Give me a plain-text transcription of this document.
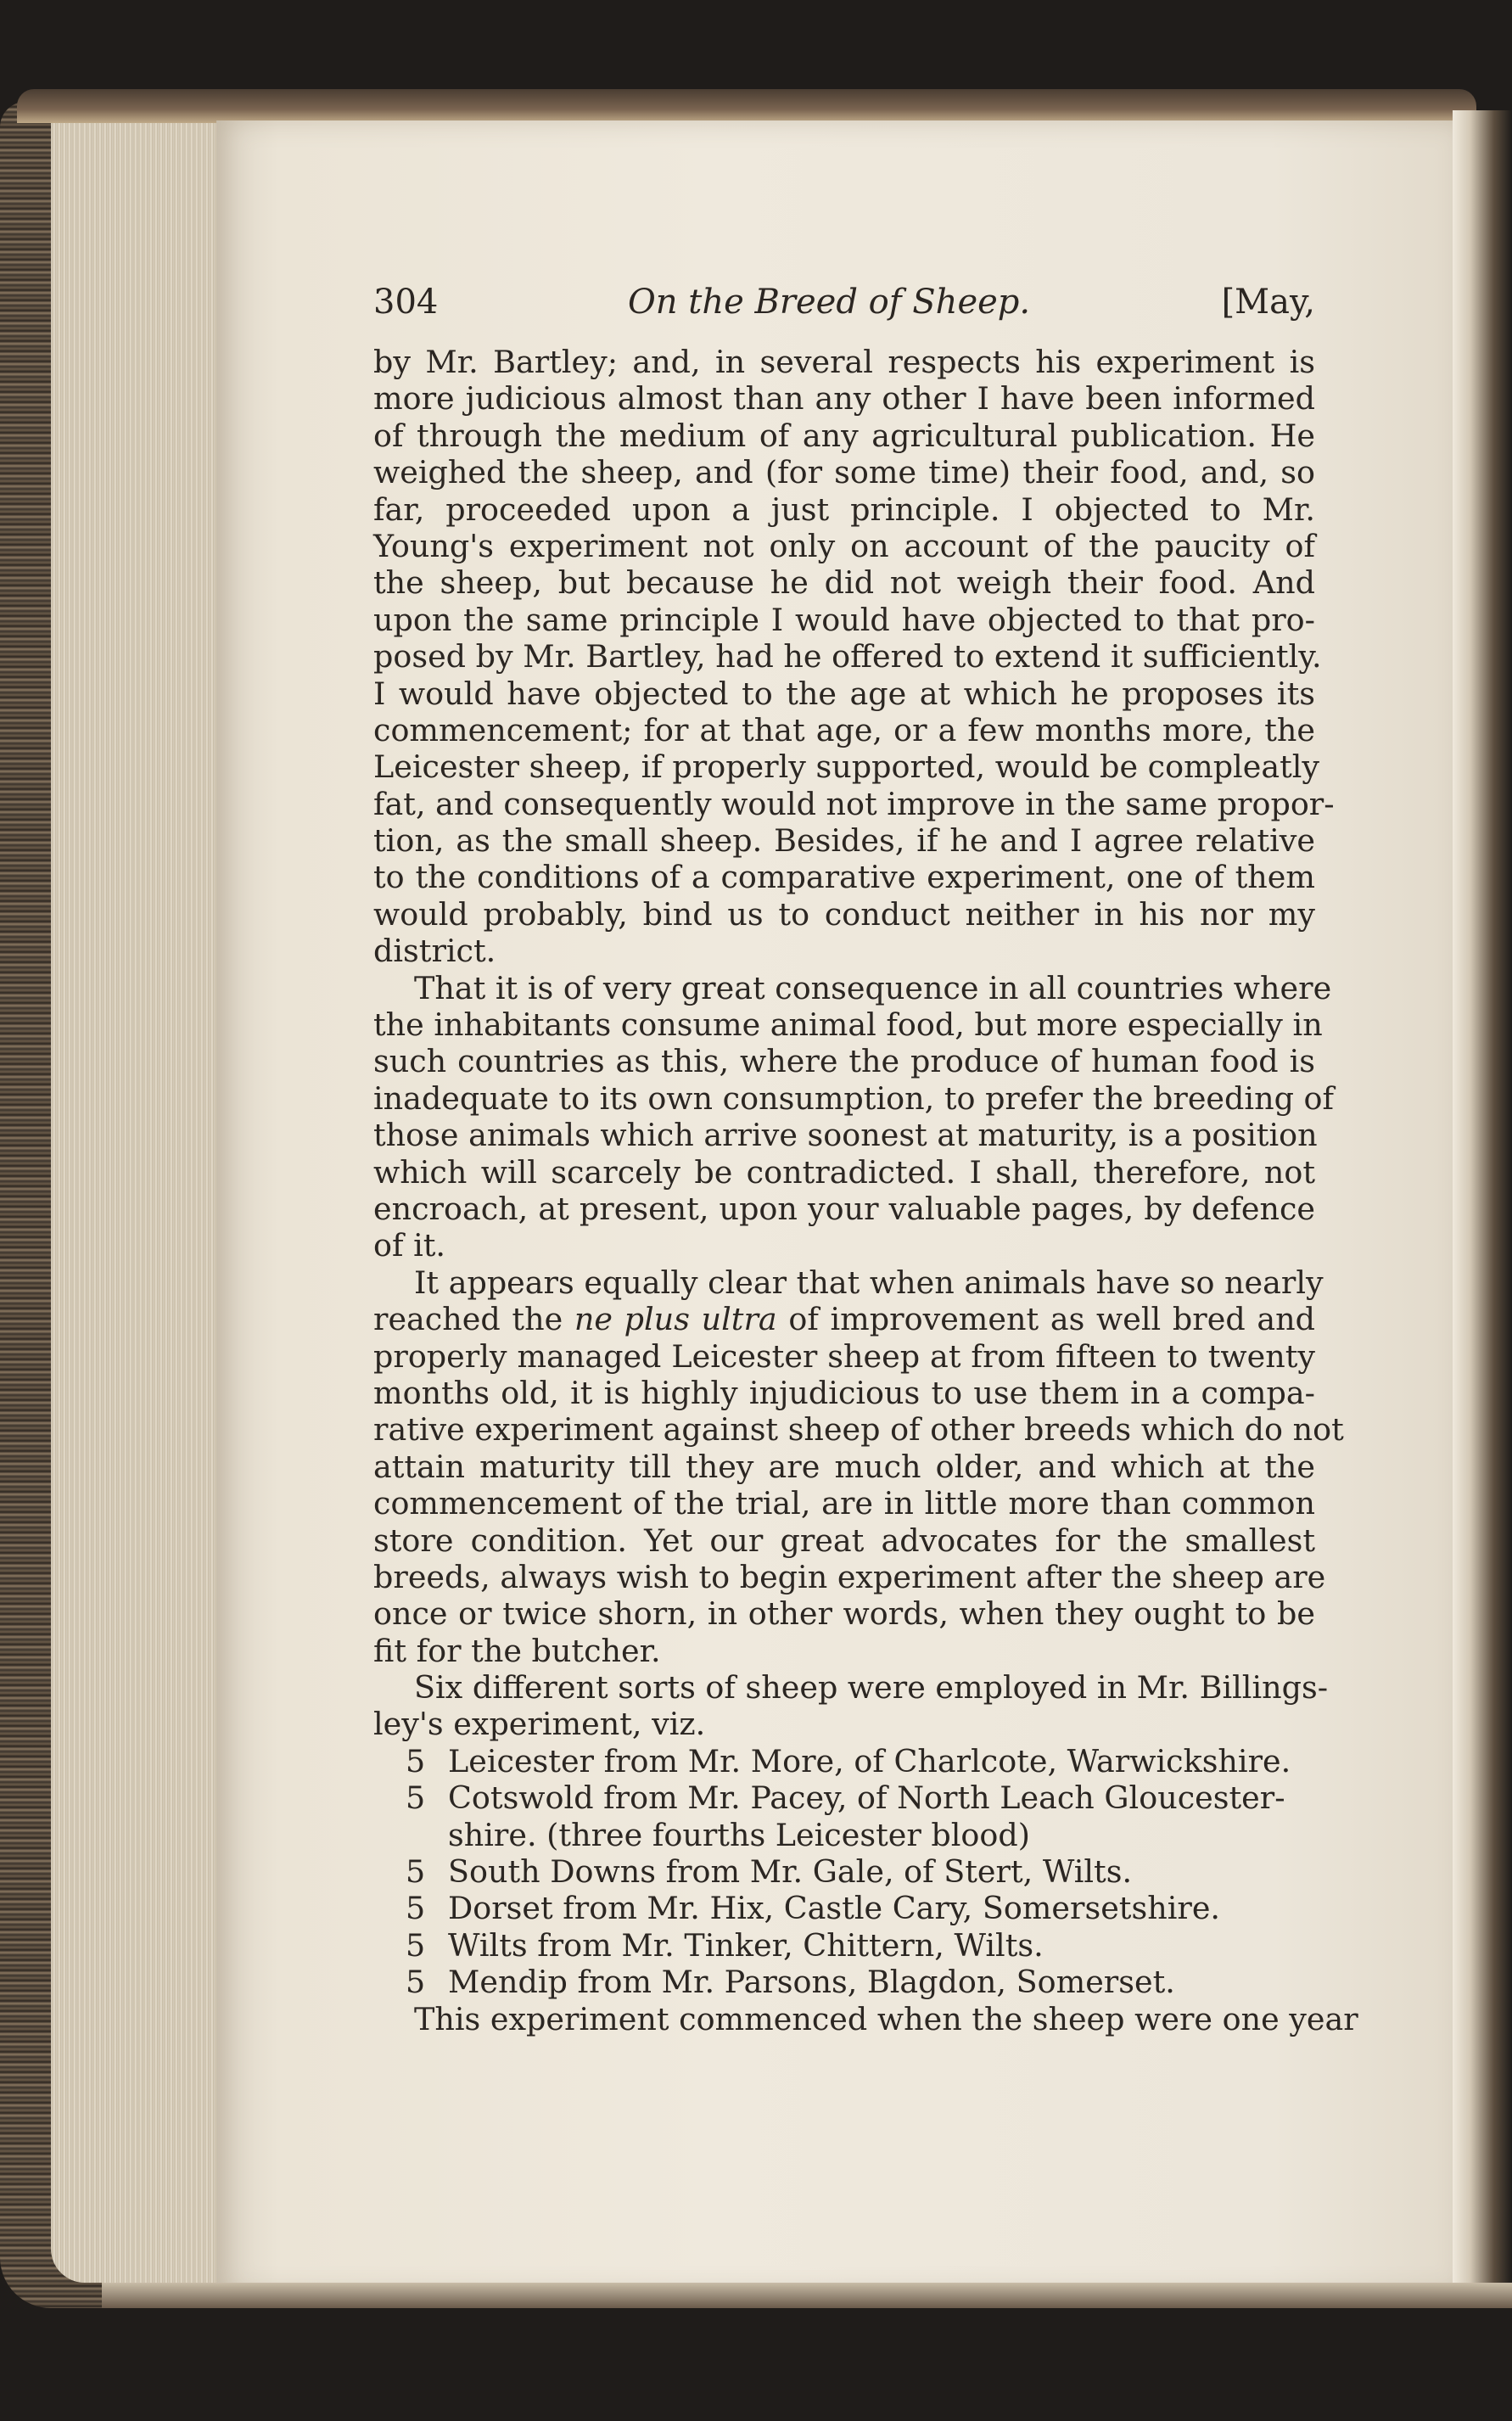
304	On the Breed of Sheep.	[May,
by Mr. Bartley; and, in several respects his experiment is
more judicious almost than any other I have been informed
of through the medium of any agricultural publication. He
weighed the sheep, and (for some time) their food, and, so
far, proceeded upon a just principle. I objected to Mr.
Young's experiment not only on account of the paucity of
the sheep, but because he did not weigh their food. And
upon the same principle I would have objected to that pro-
posed by Mr. Bartley, had he offered to extend it sufficiently.
I would have objected to the age at which he proposes its
commencement; for at that age, or a few months more, the
Leicester sheep, if properly supported, would be compleatly
fat, and consequently would not improve in the same propor-
tion, as the small sheep. Besides, if he and I agree relative
to the conditions of a comparative experiment, one of them
would probably, bind us to conduct neither in his nor my
district.
That it is of very great consequence in all countries where
the inhabitants consume animal food, but more especially in
such countries as this, where the produce of human food is
inadequate to its own consumption, to prefer the breeding of
those animals which arrive soonest at maturity, is a position
which will scarcely be contradicted. I shall, therefore, not
encroach, at present, upon your valuable pages, by defence
of it.
It appears equally clear that when animals have so nearly
reached the ne plus ultra of improvement as well bred and
properly managed Leicester sheep at from fifteen to twenty
months old, it is highly injudicious to use them in a compa-
rative experiment against sheep of other breeds which do not
attain maturity till they are much older, and which at the
commencement of the trial, are in little more than common
store condition. Yet our great advocates for the smallest
breeds, always wish to begin experiment after the sheep are
once or twice shorn, in other words, when they ought to be
fit for the butcher.
Six different sorts of sheep were employed in Mr. Billings-
ley's experiment, viz.
5 Leicester from Mr. More, of Charlcote, Warwickshire.
5 Cotswold from Mr. Pacey, of North Leach Gloucester-
shire. (three fourths Leicester blood)
5 South Downs from Mr. Gale, of Stert, Wilts.
5 Dorset from Mr. Hix, Castle Cary, Somersetshire.
5 Wilts from Mr. Tinker, Chittern, Wilts.
5 Mendip from Mr. Parsons, Blagdon, Somerset.
This experiment commenced when the sheep were one year
